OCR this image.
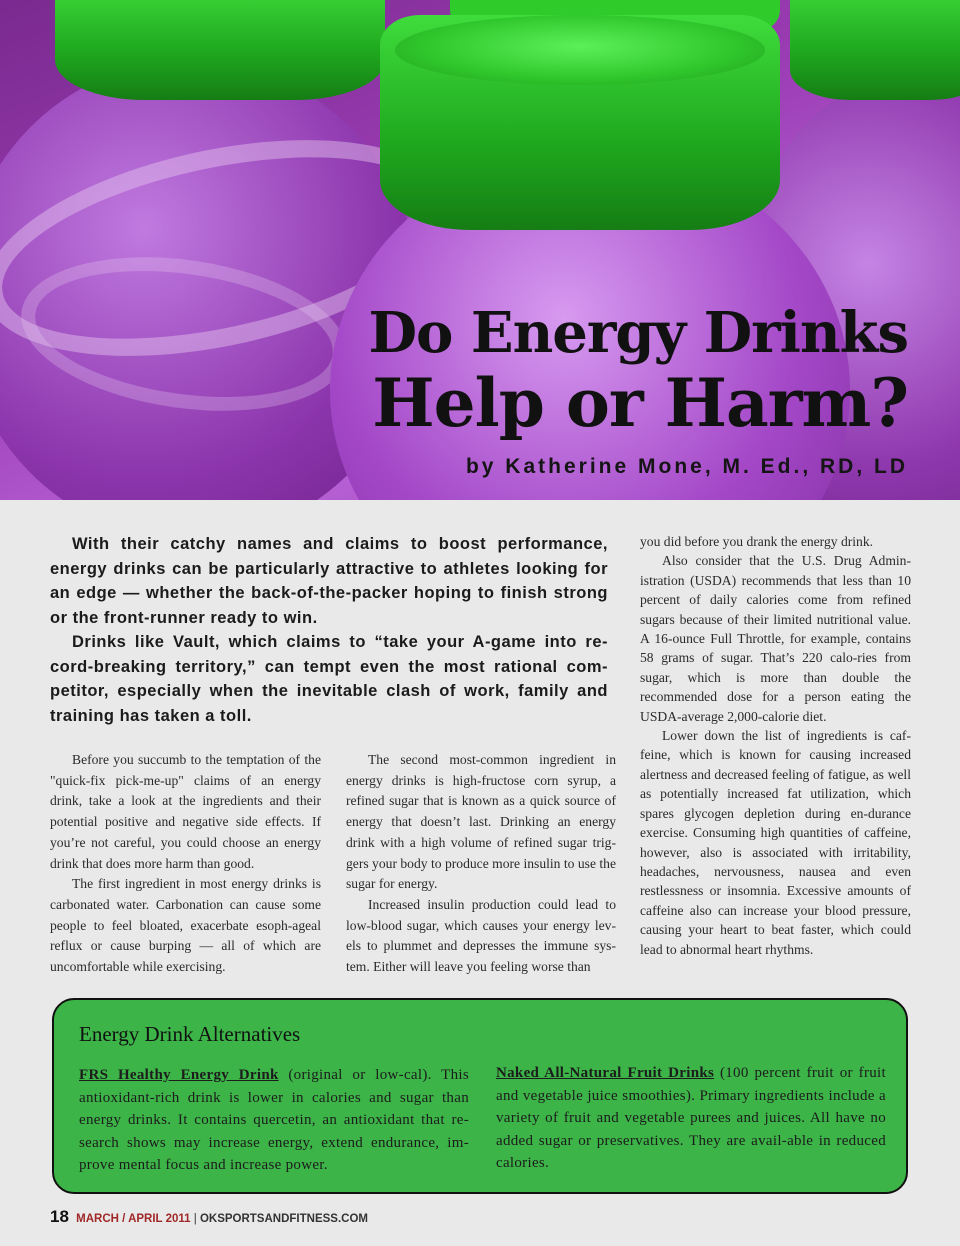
Do Energy Drinks
Help or Harm?
by Katherine Mone, M. Ed., RD, LD

With their catchy names and claims to boost performance, energy drinks can be particularly attractive to athletes looking for an edge — whether the back-of-the-packer hoping to finish strong or the front-runner ready to win.

Drinks like Vault, which claims to “take your A-game into re-cord-breaking territory,” can tempt even the most rational com-petitor, especially when the inevitable clash of work, family and training has taken a toll.

Before you succumb to the temptation of the "quick-fix pick-me-up" claims of an energy drink, take a look at the ingredients and their potential positive and negative side effects. If you’re not careful, you could choose an energy drink that does more harm than good.

The first ingredient in most energy drinks is carbonated water. Carbonation can cause some people to feel bloated, exacerbate esoph-ageal reflux or cause burping — all of which are uncomfortable while exercising.

The second most-common ingredient in energy drinks is high-fructose corn syrup, a refined sugar that is known as a quick source of energy that doesn’t last. Drinking an energy drink with a high volume of refined sugar trig-gers your body to produce more insulin to use the sugar for energy.

Increased insulin production could lead to low-blood sugar, which causes your energy lev-els to plummet and depresses the immune sys-tem. Either will leave you feeling worse than

you did before you drank the energy drink.

Also consider that the U.S. Drug Admin-istration (USDA) recommends that less than 10 percent of daily calories come from refined sugars because of their limited nutritional value. A 16-ounce Full Throttle, for example, contains 58 grams of sugar. That’s 220 calo-ries from sugar, which is more than double the recommended dose for a person eating the USDA-average 2,000-calorie diet.

Lower down the list of ingredients is caf-feine, which is known for causing increased alertness and decreased feeling of fatigue, as well as potentially increased fat utilization, which spares glycogen depletion during en-durance exercise. Consuming high quantities of caffeine, however, also is associated with irritability, headaches, nervousness, nausea and even restlessness or insomnia. Excessive amounts of caffeine also can increase your blood pressure, causing your heart to beat faster, which could lead to abnormal heart rhythms.

Energy Drink Alternatives
FRS Healthy Energy Drink (original or low-cal). This antioxidant-rich drink is lower in calories and sugar than energy drinks. It contains quercetin, an antioxidant that re-search shows may increase energy, extend endurance, im-prove mental focus and increase power.
Naked All-Natural Fruit Drinks (100 percent fruit or fruit and vegetable juice smoothies). Primary ingredients include a variety of fruit and vegetable purees and juices. All have no added sugar or preservatives. They are avail-able in reduced calories.
18 MARCH / APRIL 2011 | OKSPORTSANDFITNESS.COM
